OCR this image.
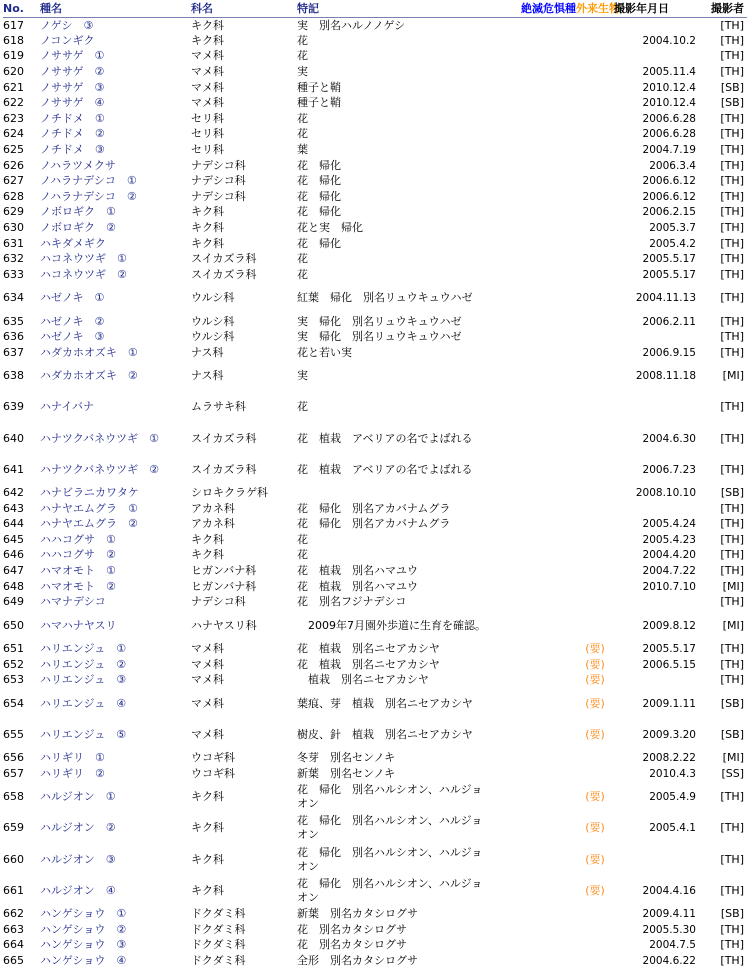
No.	種名	科名	特記	絶滅危惧種	外来生物	撮影年月日	撮影者
617	ノゲシ　③	キク科	実　別名ハルノノゲシ				[TH]
618	ノコンギク	キク科	花			2004.10.2	[TH]
619	ノササゲ　①	マメ科	花				[TH]
620	ノササゲ　②	マメ科	実			2005.11.4	[TH]
621	ノササゲ　③	マメ科	種子と鞘			2010.12.4	[SB]
622	ノササゲ　④	マメ科	種子と鞘			2010.12.4	[SB]
623	ノチドメ　①	セリ科	花			2006.6.28	[TH]
624	ノチドメ　②	セリ科	花			2006.6.28	[TH]
625	ノチドメ　③	セリ科	葉			2004.7.19	[TH]
626	ノハラツメクサ	ナデシコ科	花　帰化			2006.3.4	[TH]
627	ノハラナデシコ　①	ナデシコ科	花　帰化			2006.6.12	[TH]
628	ノハラナデシコ　②	ナデシコ科	花　帰化			2006.6.12	[TH]
629	ノボロギク　①	キク科	花　帰化			2006.2.15	[TH]
630	ノボロギク　②	キク科	花と実　帰化			2005.3.7	[TH]
631	ハキダメギク	キク科	花　帰化			2005.4.2	[TH]
632	ハコネウツギ　①	スイカズラ科	花			2005.5.17	[TH]
633	ハコネウツギ　②	スイカズラ科	花			2005.5.17	[TH]
634	ハゼノキ　①	ウルシ科	紅葉　帰化　別名リュウキュウハゼ			2004.11.13	[TH]
635	ハゼノキ　②	ウルシ科	実　帰化　別名リュウキュウハゼ			2006.2.11	[TH]
636	ハゼノキ　③	ウルシ科	実　帰化　別名リュウキュウハゼ				[TH]
637	ハダカホオズキ　①	ナス科	花と若い実			2006.9.15	[TH]
638	ハダカホオズキ　②	ナス科	実			2008.11.18	[MI]
639	ハナイバナ	ムラサキ科	花				[TH]
640	ハナツクバネウツギ　①	スイカズラ科	花　植栽　アベリアの名でよばれる			2004.6.30	[TH]
641	ハナツクバネウツギ　②	スイカズラ科	花　植栽　アベリアの名でよばれる			2006.7.23	[TH]
642	ハナビラニカワタケ	シロキクラゲ科				2008.10.10	[SB]
643	ハナヤエムグラ　①	アカネ科	花　帰化　別名アカバナムグラ				[TH]
644	ハナヤエムグラ　②	アカネ科	花　帰化　別名アカバナムグラ			2005.4.24	[TH]
645	ハハコグサ　①	キク科	花			2005.4.23	[TH]
646	ハハコグサ　②	キク科	花			2004.4.20	[TH]
647	ハマオモト　①	ヒガンバナ科	花　植栽　別名ハマユウ			2004.7.22	[TH]
648	ハマオモト　②	ヒガンバナ科	花　植栽　別名ハマユウ			2010.7.10	[MI]
649	ハマナデシコ	ナデシコ科	花　別名フジナデシコ				[TH]
650	ハマハナヤスリ	ハナヤスリ科	　2009年7月園外歩道に生育を確認。			2009.8.12	[MI]
651	ハリエンジュ　①	マメ科	花　植栽　別名ニセアカシヤ		(要)	2005.5.17	[TH]
652	ハリエンジュ　②	マメ科	花　植栽　別名ニセアカシヤ		(要)	2006.5.15	[TH]
653	ハリエンジュ　③	マメ科	　植栽　別名ニセアカシヤ		(要)		[TH]
654	ハリエンジュ　④	マメ科	葉痕、芽　植栽　別名ニセアカシヤ		(要)	2009.1.11	[SB]
655	ハリエンジュ　⑤	マメ科	樹皮、針　植栽　別名ニセアカシヤ		(要)	2009.3.20	[SB]
656	ハリギリ　①	ウコギ科	冬芽　別名センノキ			2008.2.22	[MI]
657	ハリギリ　②	ウコギ科	新葉　別名センノキ			2010.4.3	[SS]
658	ハルジオン　①	キク科	花　帰化　別名ハルシオン、ハルジョオン		(要)	2005.4.9	[TH]
659	ハルジオン　②	キク科	花　帰化　別名ハルシオン、ハルジョオン		(要)	2005.4.1	[TH]
660	ハルジオン　③	キク科	花　帰化　別名ハルシオン、ハルジョオン		(要)		[TH]
661	ハルジオン　④	キク科	花　帰化　別名ハルシオン、ハルジョオン		(要)	2004.4.16	[TH]
662	ハンゲショウ　①	ドクダミ科	新葉　別名カタシログサ			2009.4.11	[SB]
663	ハンゲショウ　②	ドクダミ科	花　別名カタシログサ			2005.5.30	[TH]
664	ハンゲショウ　③	ドクダミ科	花　別名カタシログサ			2004.7.5	[TH]
665	ハンゲショウ　④	ドクダミ科	全形　別名カタシログサ			2004.6.22	[TH]
